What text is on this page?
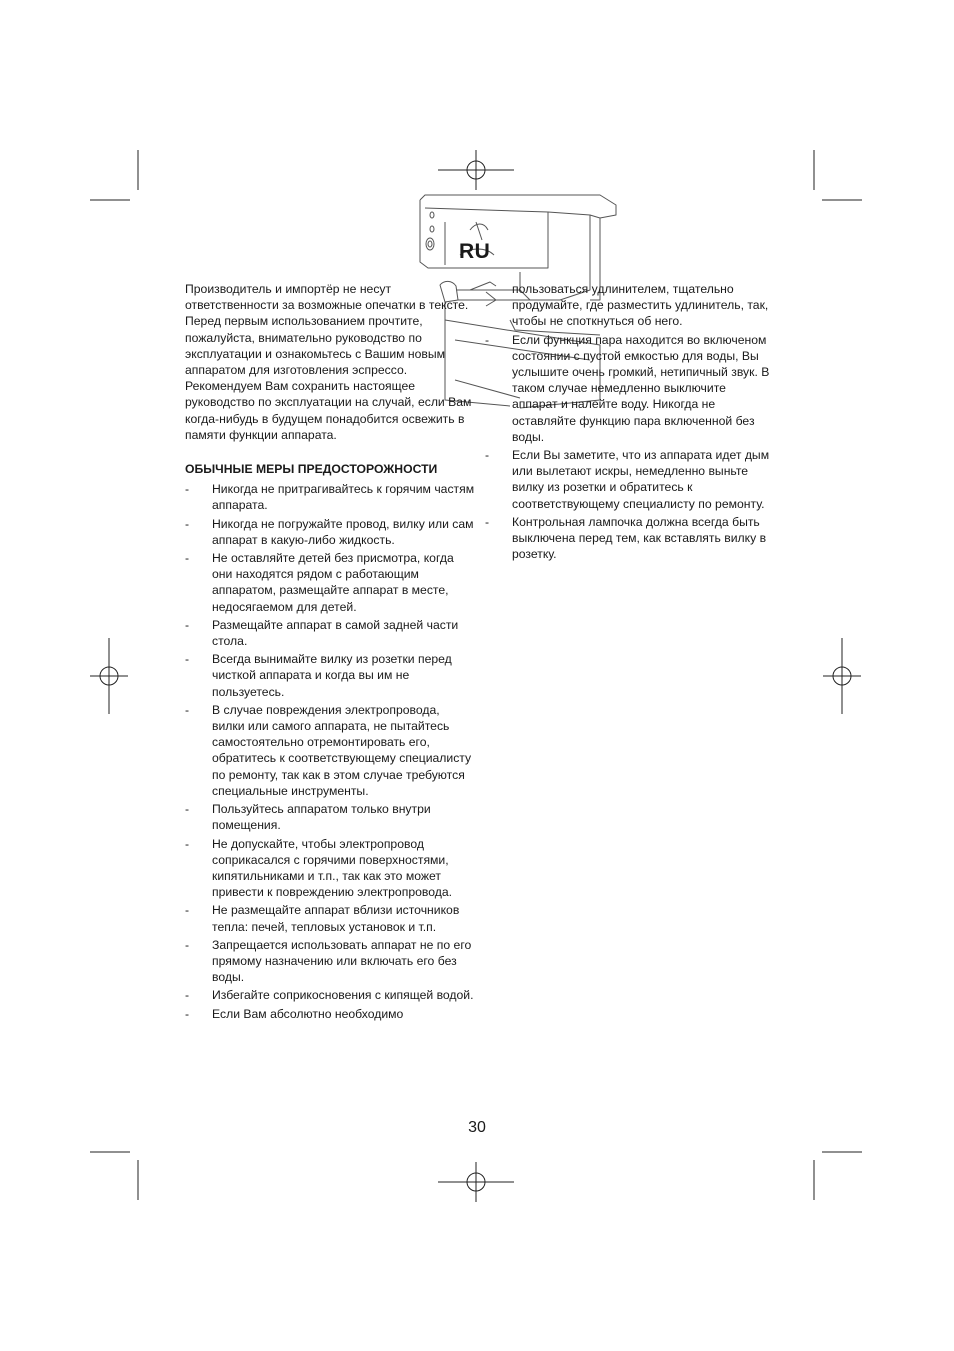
RU

Производитель и импортёр не несут ответственности за возможные опечатки в тексте.

Перед первым использованием прочтите, пожалуйста, внимательно руководство по эксплуатации и ознакомьтесь с Вашим новым аппаратом для изготовления эспрессо. Рекомендуем Вам сохранить настоящее руководство по эксплуатации на случай, если Вам когда-нибудь в будущем понадобится освежить в памяти функции аппарата.

ОБЫЧНЫЕ МЕРЫ ПРЕДОСТОРОЖНОСТИ
- Никогда не притрагивайтесь к горячим частям аппарата.
- Никогда не погружайте провод, вилку или сам аппарат в какую-либо жидкость.
- Не оставляйте детей без присмотра, когда они находятся рядом с работающим аппаратом, размещайте аппарат в месте, недосягаемом для детей.
- Размещайте аппарат в самой задней части стола.
- Всегда вынимайте вилку из розетки перед чисткой аппарата и когда вы им не пользуетесь.
- В случае повреждения электропровода, вилки или самого аппарата, не пытайтесь самостоятельно отремонтировать его, обратитесь к соответствующему специалисту по ремонту, так как в этом случае требуются специальные инструменты.
- Пользуйтесь аппаратом только внутри помещения.
- Не допускайте, чтобы электропровод соприкасался с горячими поверхностями, кипятильниками и т.п., так как это может привести к повреждению электропровода.
- Не размещайте аппарат вблизи источников тепла: печей, тепловых установок и т.п.
- Запрещается использовать аппарат не по его прямому назначению или включать его без воды.
- Избегайте соприкосновения с кипящей водой.
- Если Вам абсолютно необходимо

пользоваться удлинителем, тщательно продумайте, где разместить удлинитель, так, чтобы не споткнуться об него.

- Если функция пара находится во включеном состоянии с пустой емкостью для воды, Вы услышите очень громкий, нетипичный звук. В таком случае немедленно выключите аппарат и налейте воду. Никогда не оставляйте функцию пара включенной без воды.
- Если Вы заметите, что из аппарата идет дым или вылетают искры, немедленно выньте вилку из розетки и обратитесь к соответствующему специалисту по ремонту.
- Контрольная лампочка должна всегда быть выключена перед тем, как вставлять вилку в розетку.
30
